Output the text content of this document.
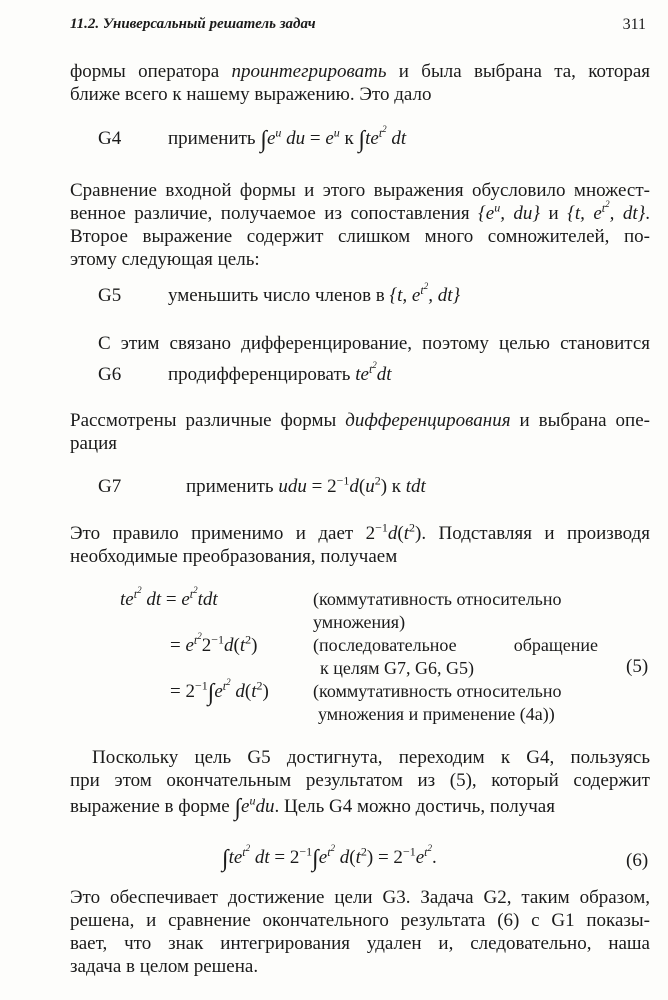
11.2. Универсальный решатель задач	311
формы оператора проинтегрировать и была выбрана та, которая
ближе всего к нашему выражению. Это дало
G4 применить $\int e^u$ du = $e^u$ к $\int te^{t^2}$ dt
Сравнение входной формы и этого выражения обусловило множест-
венное различие, получаемое из сопоставления {$e^u$, du} и {t, $e^{t^2}$, dt}.
Второе выражение содержит слишком много сомножителей, по-
этому следующая цель:
G5 уменьшить число членов в {t, $e^{t^2}$, dt}
С этим связано дифференцирование, поэтому целью становится
G6 продифференцировать $te^{t^2}dt$
Рассмотрены различные формы дифференцирования и выбрана опе-
рация
G7	применить udu = $2^{-1}d(u^2)$ к tdt
Это правило применимо и дает $2^{-1}d(t^2)$. Подставляя и производя
необходимые преобразования, получаем
$te^{t^2}$ dt = $e^{t^2}tdt$	(коммутативность относительно
умножения)
= $e^{t^2}2^{-1}d(t^2)$	(последовательное обращение
к целям G7, G6, G5)	(5)
= $2^{-1}\int e^{t^2}$ $d(t^2)$ (коммутативность относительно
умножения и применение (4а))
Поскольку цель G5 достигнута, переходим к G4, пользуясь
при этом окончательным результатом из (5), который содержит
выражение в форме $\int e^udu$. Цель G4 можно достичь, получая
$\int te^{t^2}$ dt = $2^{-1}\int e^{t^2}$ $d(t^2) = 2^{-1}e^{t^2}$.	(6)
Это обеспечивает достижение цели G3. Задача G2, таким образом,
решена, и сравнение окончательного результата (6) с G1 показы-
вает, что знак интегрирования удален и, следовательно, наша
задача в целом решена.
